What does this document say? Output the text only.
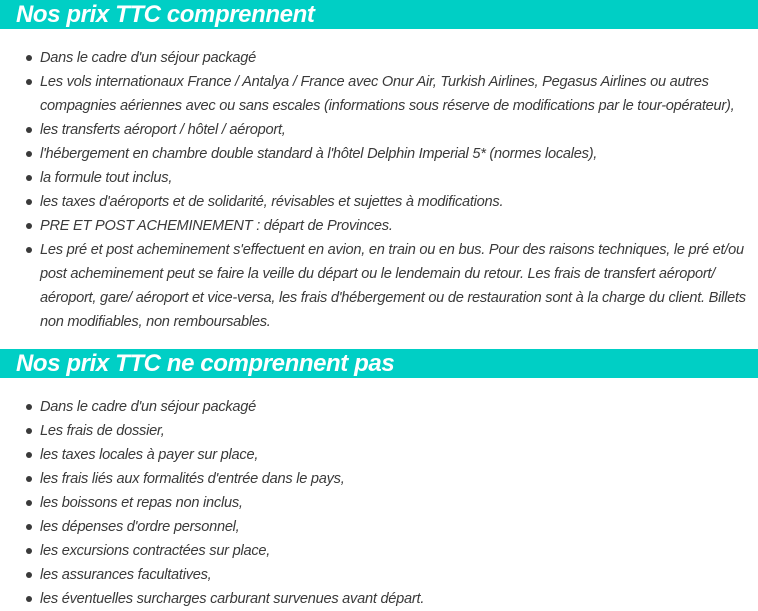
Nos prix TTC comprennent
Dans le cadre d'un séjour packagé
Les vols internationaux France / Antalya / France avec Onur Air, Turkish Airlines, Pegasus Airlines ou autres compagnies aériennes avec ou sans escales (informations sous réserve de modifications par le tour-opérateur),
les transferts aéroport / hôtel / aéroport,
l'hébergement en chambre double standard à l'hôtel Delphin Imperial 5* (normes locales),
la formule tout inclus,
les taxes d'aéroports et de solidarité, révisables et sujettes à modifications.
PRE ET POST ACHEMINEMENT : départ de Provinces.
Les pré et post acheminement s'effectuent en avion, en train ou en bus. Pour des raisons techniques, le pré et/ou post acheminement peut se faire la veille du départ ou le lendemain du retour. Les frais de transfert aéroport/ aéroport, gare/ aéroport et vice-versa, les frais d'hébergement ou de restauration sont à la charge du client. Billets non modifiables, non remboursables.
Nos prix TTC ne comprennent pas
Dans le cadre d'un séjour packagé
Les frais de dossier,
les taxes locales à payer sur place,
les frais liés aux formalités d'entrée dans le pays,
les boissons et repas non inclus,
les dépenses d'ordre personnel,
les excursions contractées sur place,
les assurances facultatives,
les éventuelles surcharges carburant survenues avant départ.
